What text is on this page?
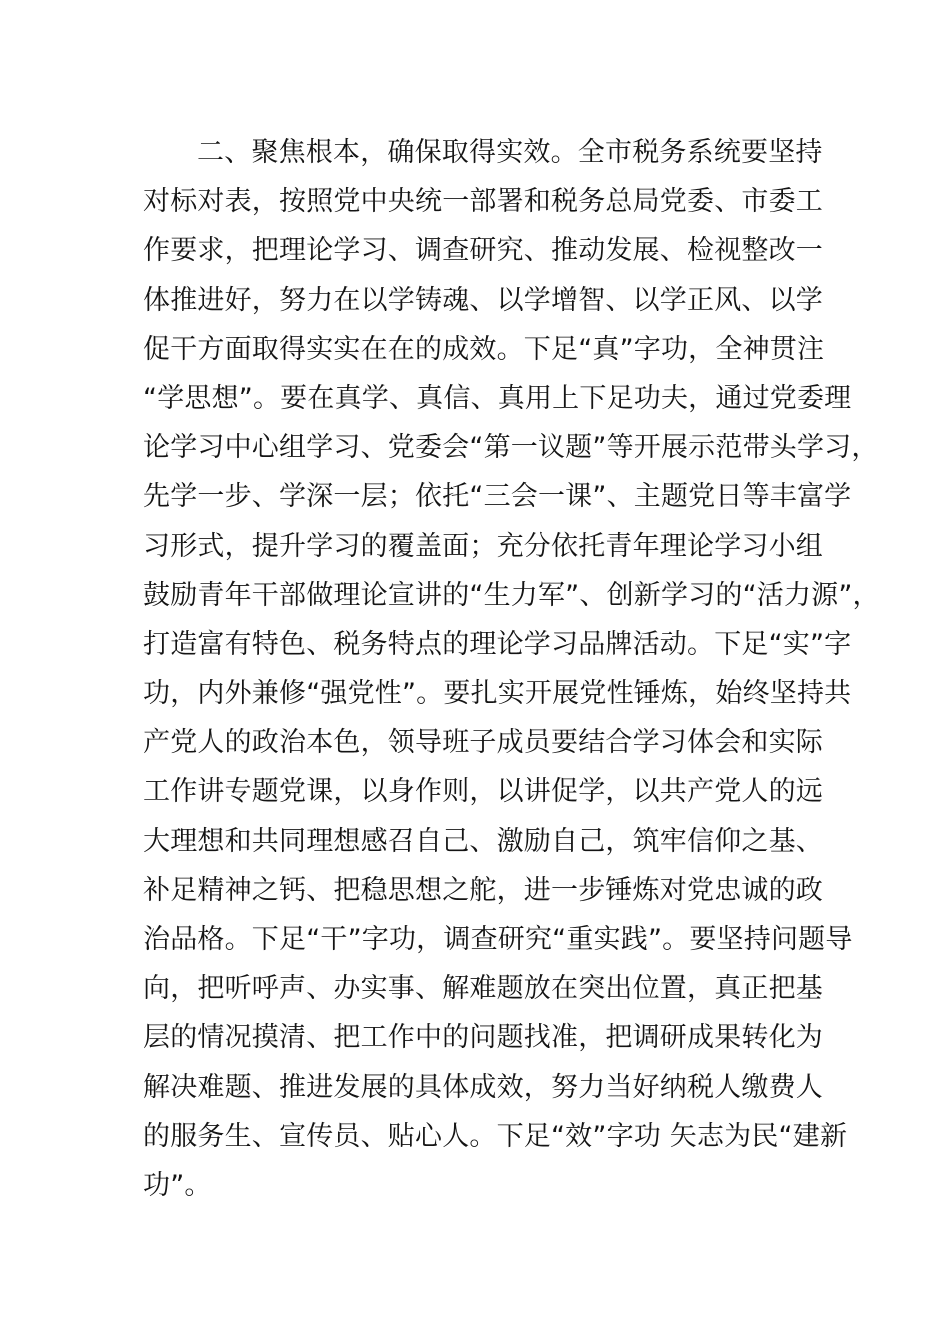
二、聚焦根本，确保取得实效。全市税务系统要坚持
对标对表，按照党中央统一部署和税务总局党委、市委工
作要求，把理论学习、调查研究、推动发展、检视整改一
体推进好，努力在以学铸魂、以学增智、以学正风、以学
促干方面取得实实在在的成效。下足“真”字功，全神贯注
“学思想”。要在真学、真信、真用上下足功夫，通过党委理
论学习中心组学习、党委会“第一议题”等开展示范带头学习，
先学一步、学深一层；依托“三会一课”、主题党日等丰富学
习形式，提升学习的覆盖面；充分依托青年理论学习小组
鼓励青年干部做理论宣讲的“生力军”、创新学习的“活力源”，
打造富有特色、税务特点的理论学习品牌活动。下足“实”字
功，内外兼修“强党性”。要扎实开展党性锤炼，始终坚持共
产党人的政治本色，领导班子成员要结合学习体会和实际
工作讲专题党课，以身作则，以讲促学，以共产党人的远
大理想和共同理想感召自己、激励自己，筑牢信仰之基、
补足精神之钙、把稳思想之舵，进一步锤炼对党忠诚的政
治品格。下足“干”字功，调查研究“重实践”。要坚持问题导
向，把听呼声、办实事、解难题放在突出位置，真正把基
层的情况摸清、把工作中的问题找准，把调研成果转化为
解决难题、推进发展的具体成效，努力当好纳税人缴费人
的服务生、宣传员、贴心人。下足“效”字功 矢志为民“建新
功”。
